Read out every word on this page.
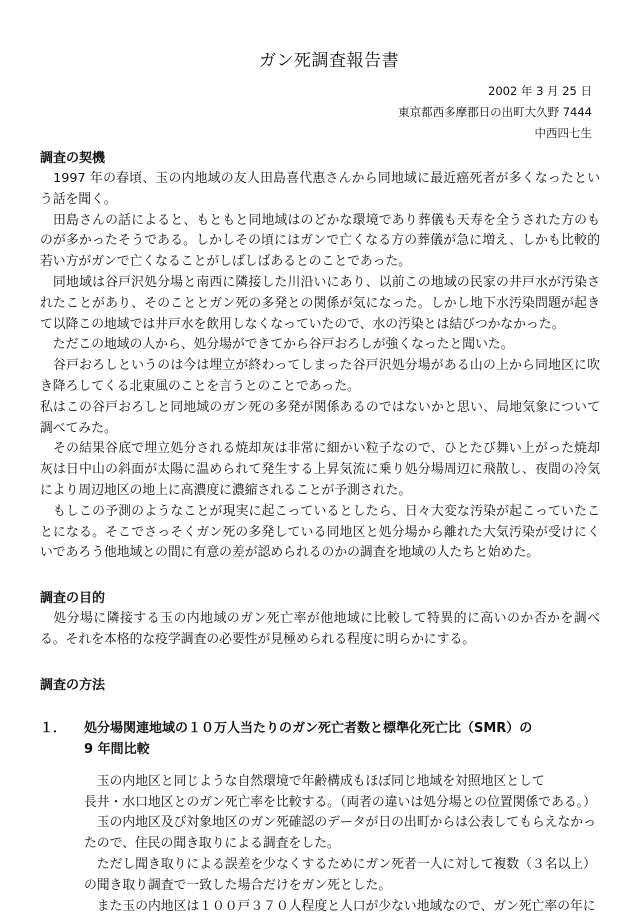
ガン死調査報告書
2002 年 3 月 25 日
東京都西多摩郡日の出町大久野 7444
中西四七生
調査の契機

　1997 年の春頃、玉の内地域の友人田島喜代惠さんから同地域に最近癌死者が多くなったという話を聞く。

　田島さんの話によると、もともと同地域はのどかな環境であり葬儀も天寿を全うされた方のものが多かったそうである。しかしその頃にはガンで亡くなる方の葬儀が急に増え、しかも比較的若い方がガンで亡くなることがしばしばあるとのことであった。

　同地域は谷戸沢処分場と南西に隣接した川沿いにあり、以前この地域の民家の井戸水が汚染されたことがあり、そのこととガン死の多発との関係が気になった。しかし地下水汚染問題が起きて以降この地域では井戸水を飲用しなくなっていたので、水の汚染とは結びつかなかった。

　ただこの地域の人から、処分場ができてから谷戸おろしが強くなったと聞いた。

　谷戸おろしというのは今は埋立が終わってしまった谷戸沢処分場がある山の上から同地区に吹き降ろしてくる北東風のことを言うとのことであった。

私はこの谷戸おろしと同地域のガン死の多発が関係あるのではないかと思い、局地気象について調べてみた。

　その結果谷底で埋立処分される焼却灰は非常に細かい粒子なので、ひとたび舞い上がった焼却灰は日中山の斜面が太陽に温められて発生する上昇気流に乗り処分場周辺に飛散し、夜間の冷気により周辺地区の地上に高濃度に濃縮されることが予測された。

　もしこの予測のようなことが現実に起こっているとしたら、日々大変な汚染が起こっていたことになる。そこでさっそくガン死の多発している同地区と処分場から離れた大気汚染が受けにくいであろう他地域との間に有意の差が認められるのかの調査を地域の人たちと始めた。

調査の目的

　処分場に隣接する玉の内地域のガン死亡率が他地域に比較して特異的に高いのか否かを調べる。それを本格的な疫学調査の必要性が見極められる程度に明らかにする。

調査の方法
１．	処分場関連地域の１０万人当たりのガン死亡者数と標準化死亡比（SMR）の
9 年間比較

　玉の内地区と同じような自然環境で年齢構成もほぼ同じ地域を対照地区として

長井・水口地区とのガン死亡率を比較する。（両者の違いは処分場との位置関係である。）

　玉の内地区及び対象地区のガン死確認のデータが日の出町からは公表してもらえなかったので、住民の聞き取りによる調査をした。

　ただし聞き取りによる誤差を少なくするためにガン死者一人に対して複数（３名以上）の聞き取り調査で一致した場合だけをガン死とした。

　また玉の内地区は１００戸３７０人程度と人口が少ない地域なので、ガン死亡率の年に
